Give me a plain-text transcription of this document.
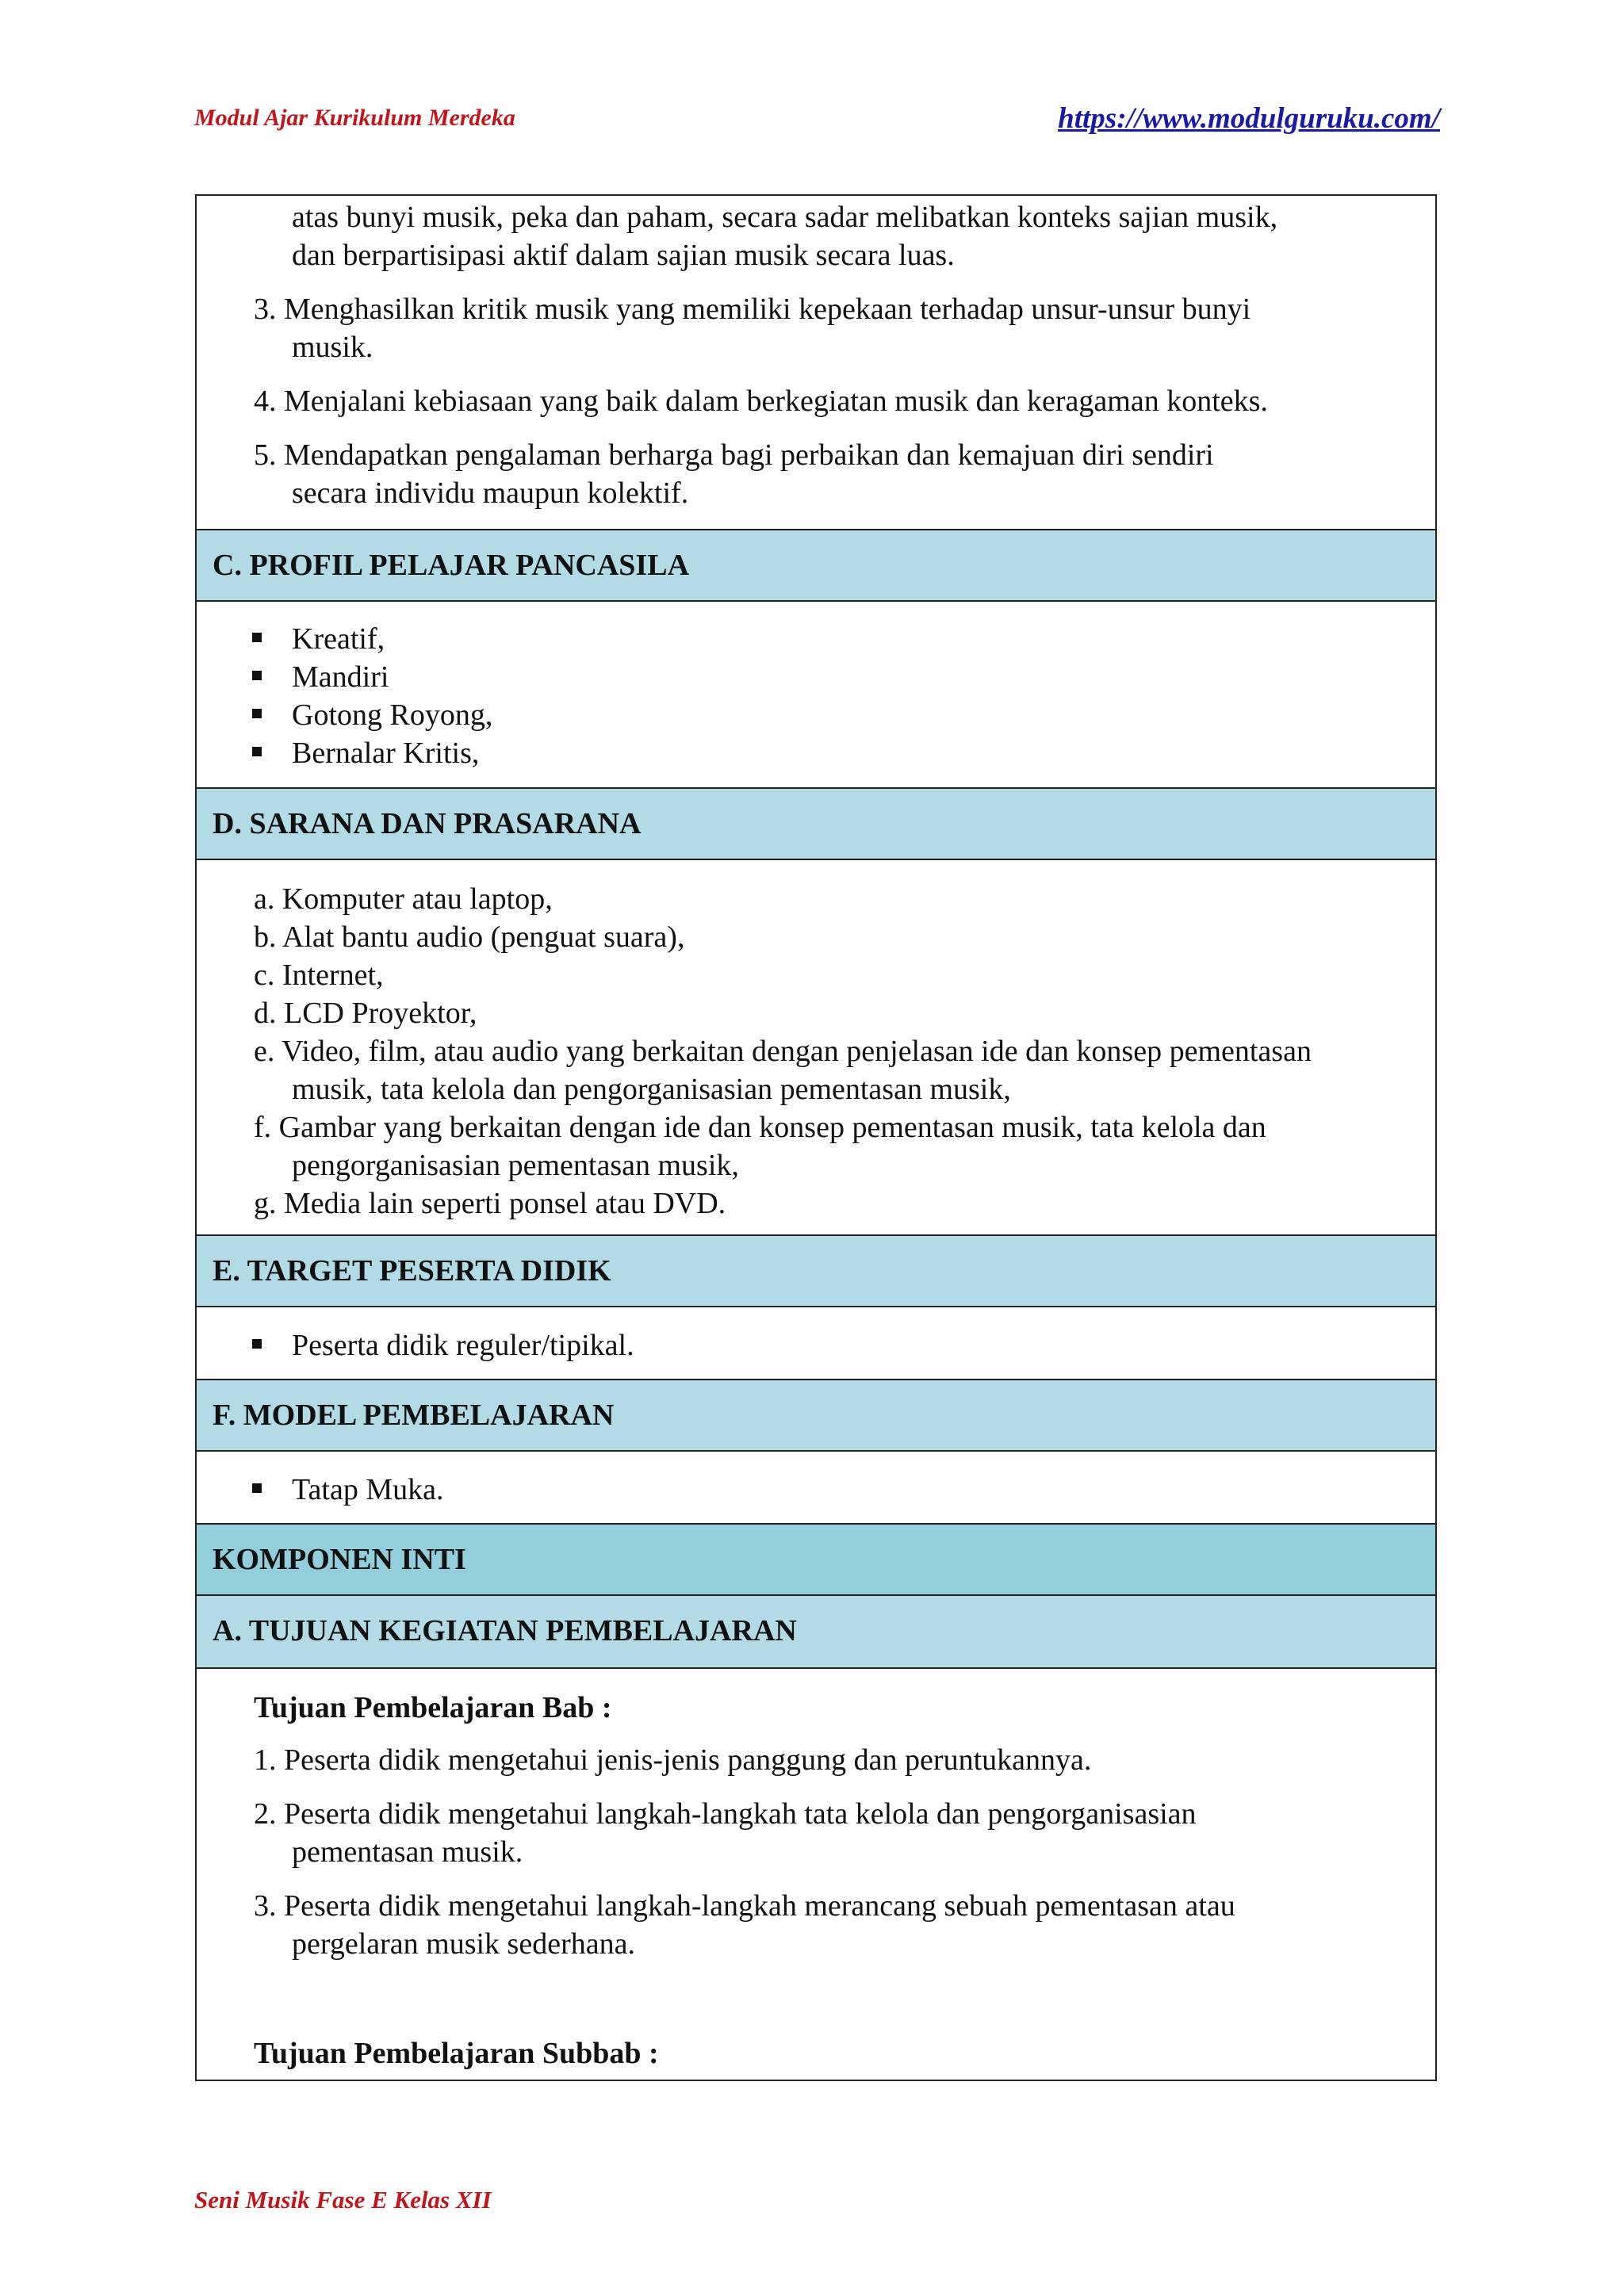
Modul Ajar Kurikulum Merdeka	https://www.modulguruku.com/
atas bunyi musik, peka dan paham, secara sadar melibatkan konteks sajian musik,
dan berpartisipasi aktif dalam sajian musik secara luas.
3. Menghasilkan kritik musik yang memiliki kepekaan terhadap unsur-unsur bunyi
musik.
4. Menjalani kebiasaan yang baik dalam berkegiatan musik dan keragaman konteks.
5. Mendapatkan pengalaman berharga bagi perbaikan dan kemajuan diri sendiri
secara individu maupun kolektif.
C. PROFIL PELAJAR PANCASILA
Kreatif,
Mandiri
Gotong Royong,
Bernalar Kritis,
D. SARANA DAN PRASARANA
a. Komputer atau laptop,
b. Alat bantu audio (penguat suara),
c. Internet,
d. LCD Proyektor,
e. Video, film, atau audio yang berkaitan dengan penjelasan ide dan konsep pementasan
musik, tata kelola dan pengorganisasian pementasan musik,
f. Gambar yang berkaitan dengan ide dan konsep pementasan musik, tata kelola dan
pengorganisasian pementasan musik,
g. Media lain seperti ponsel atau DVD.
E. TARGET PESERTA DIDIK
Peserta didik reguler/tipikal.
F. MODEL PEMBELAJARAN
Tatap Muka.
KOMPONEN INTI
A. TUJUAN KEGIATAN PEMBELAJARAN
Tujuan Pembelajaran Bab :
1. Peserta didik mengetahui jenis-jenis panggung dan peruntukannya.
2. Peserta didik mengetahui langkah-langkah tata kelola dan pengorganisasian
pementasan musik.
3. Peserta didik mengetahui langkah-langkah merancang sebuah pementasan atau
pergelaran musik sederhana.
Tujuan Pembelajaran Subbab :
Seni Musik Fase E Kelas XII
